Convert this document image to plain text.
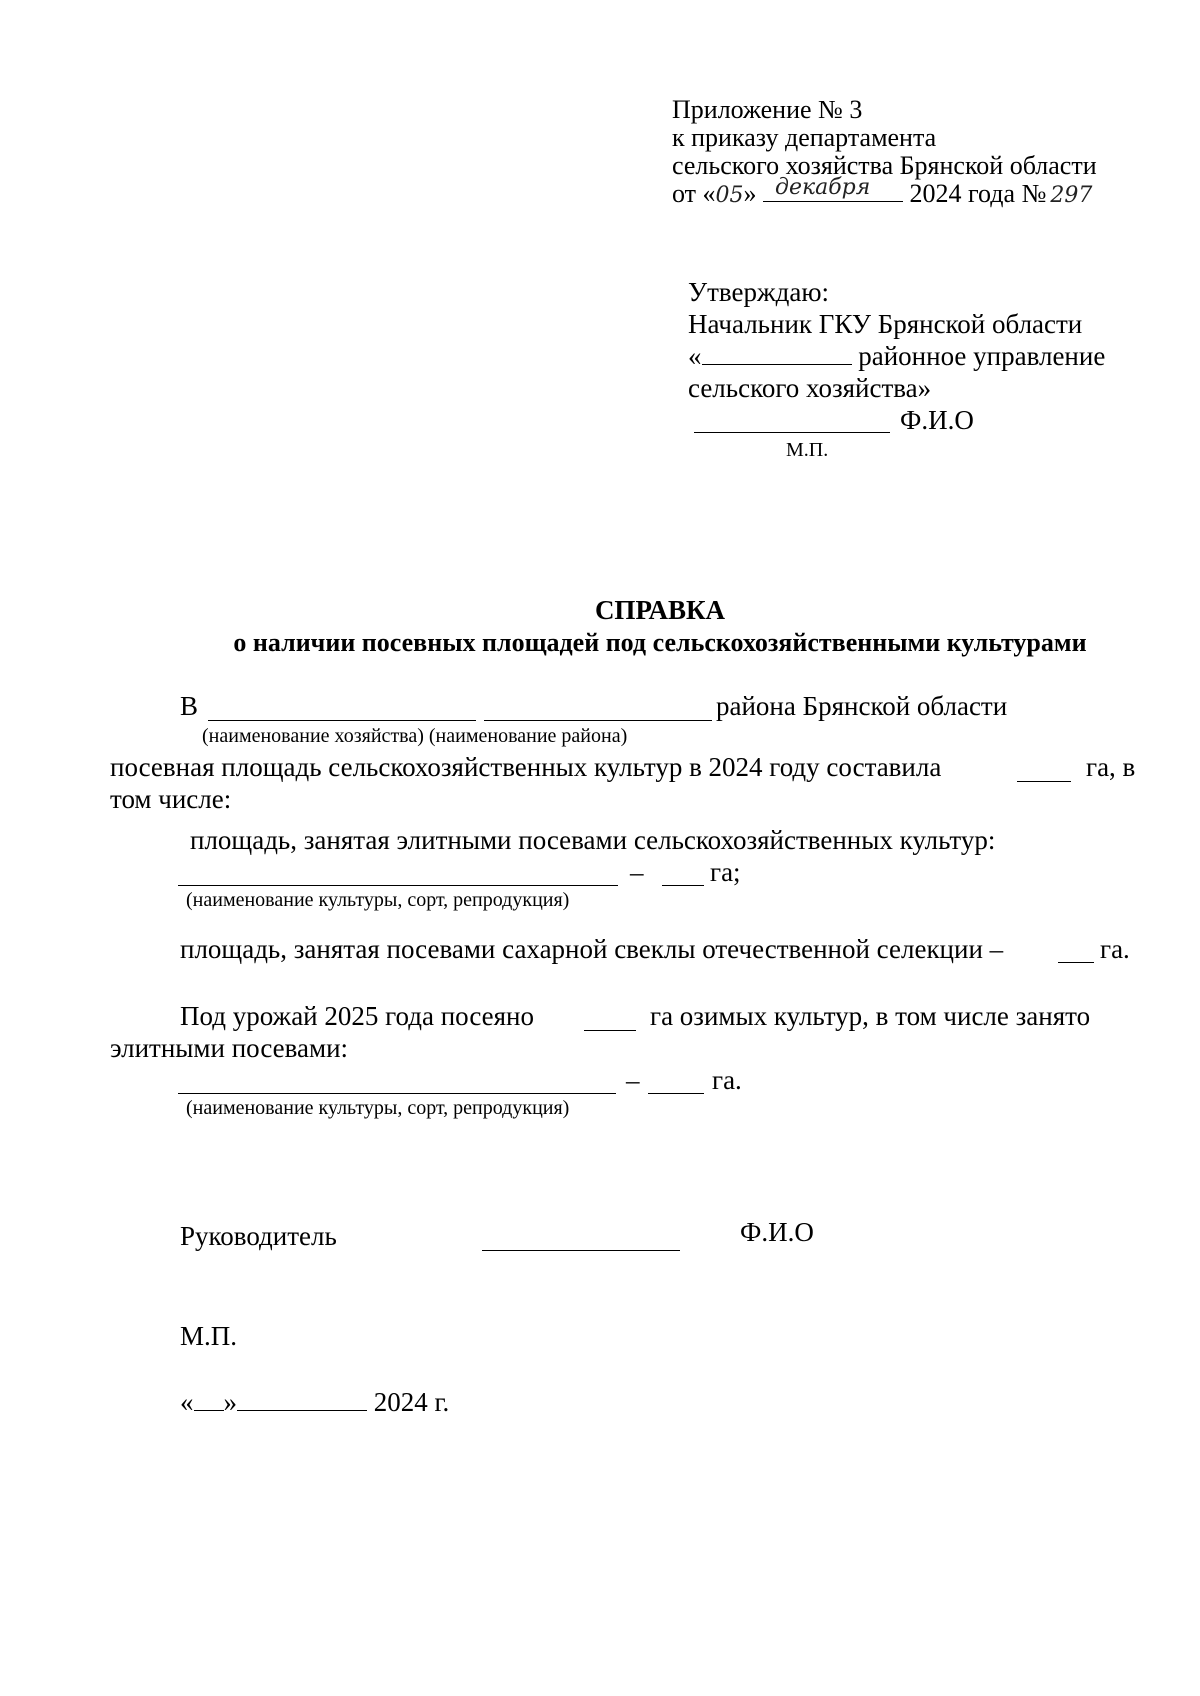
Приложение № 3
к приказу департамента
сельского хозяйства Брянской области
от «05» декабря 2024 года № 297
Утверждаю:
Начальник ГКУ Брянской области
«	районное управление
сельского хозяйства»
Ф.И.О
М.П.
СПРАВКА
о наличии посевных площадей под сельскохозяйственными культурами
В	района Брянской области
(наименование хозяйства) (наименование района)
посевная площадь сельскохозяйственных культур в 2024 году составила	га, в
том числе:
площадь, занятая элитными посевами сельскохозяйственных культур:
– га;
(наименование культуры, сорт, репродукция)
площадь, занятая посевами сахарной свеклы отечественной селекции –	га.
Под урожай 2025 года посеяно	га озимых культур, в том числе занято
элитными посевами:
–	га.
(наименование культуры, сорт, репродукция)
Руководитель	Ф.И.О
М.П.
« »	2024 г.
